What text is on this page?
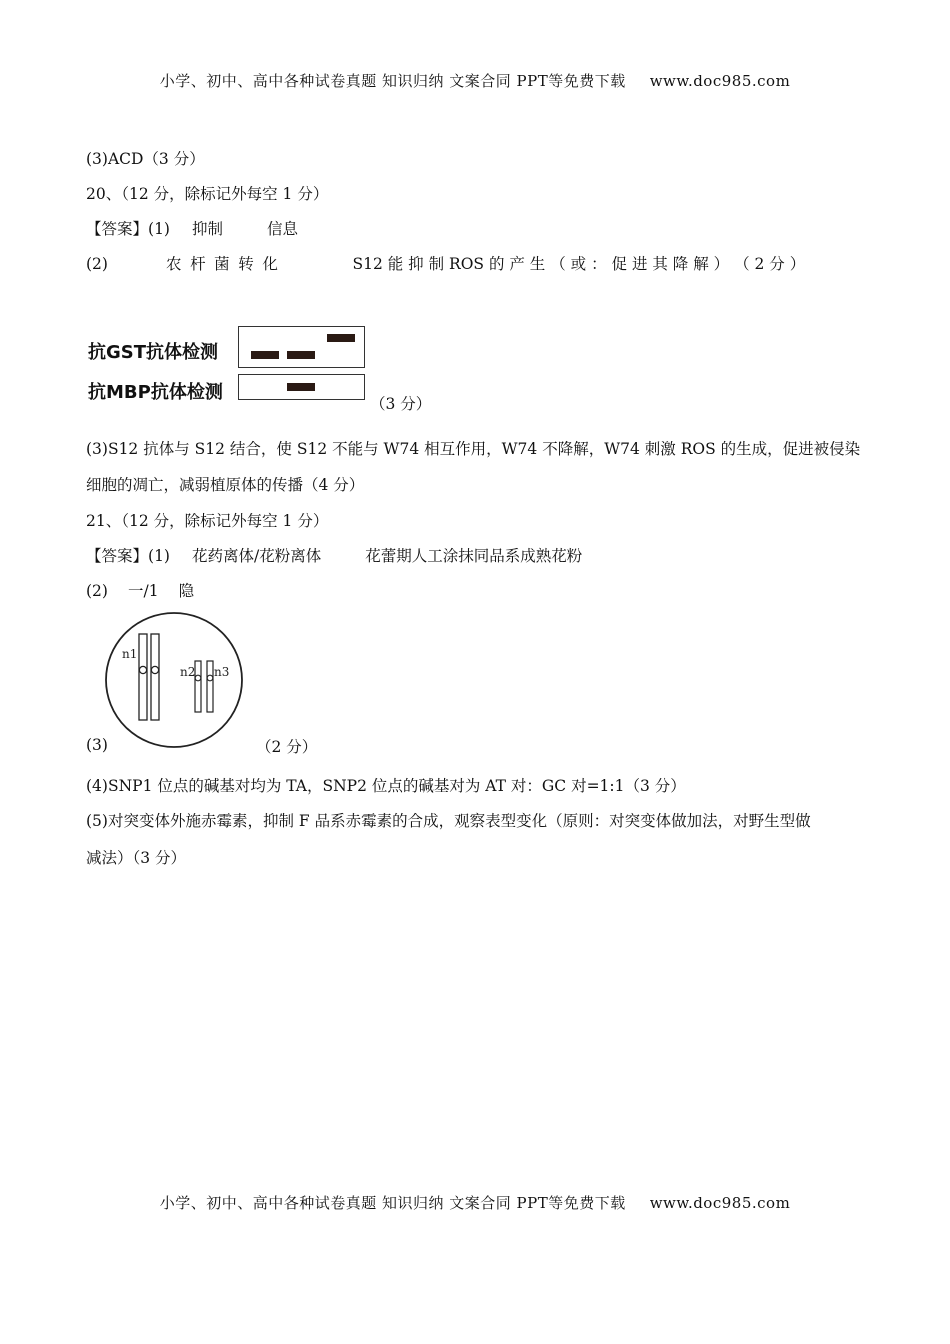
小学、初中、高中各种试卷真题 知识归纳 文案合同 PPT等免费下载 www.doc985.com
(3)ACD（3 分）
20、（12 分，除标记外每空 1 分）
【答案】(1) 抑制	信息
(2)	农杆菌转化	S12 能 抑 制 ROS 的 产 生 （ 或 ： 促 进 其 降 解 ） （ 2 分 ）
抗GST抗体检测
抗MBP抗体检测
（3 分）
(3)S12 抗体与 S12 结合，使 S12 不能与 W74 相互作用，W74 不降解，W74 刺激 ROS 的生成，促进被侵染
细胞的凋亡，减弱植原体的传播（4 分）
21、（12 分，除标记外每空 1 分）
【答案】(1) 花药离体/花粉离体	花蕾期人工涂抹同品系成熟花粉
(2) 一/1 隐
n1
n2 n3
(3)	（2 分）
(4)SNP1 位点的碱基对均为 TA，SNP2 位点的碱基对为 AT 对：GC 对=1:1（3 分）
(5)对突变体外施赤霉素，抑制 F 品系赤霉素的合成，观察表型变化（原则：对突变体做加法，对野生型做
减法）（3 分）
小学、初中、高中各种试卷真题 知识归纳 文案合同 PPT等免费下载 www.doc985.com
